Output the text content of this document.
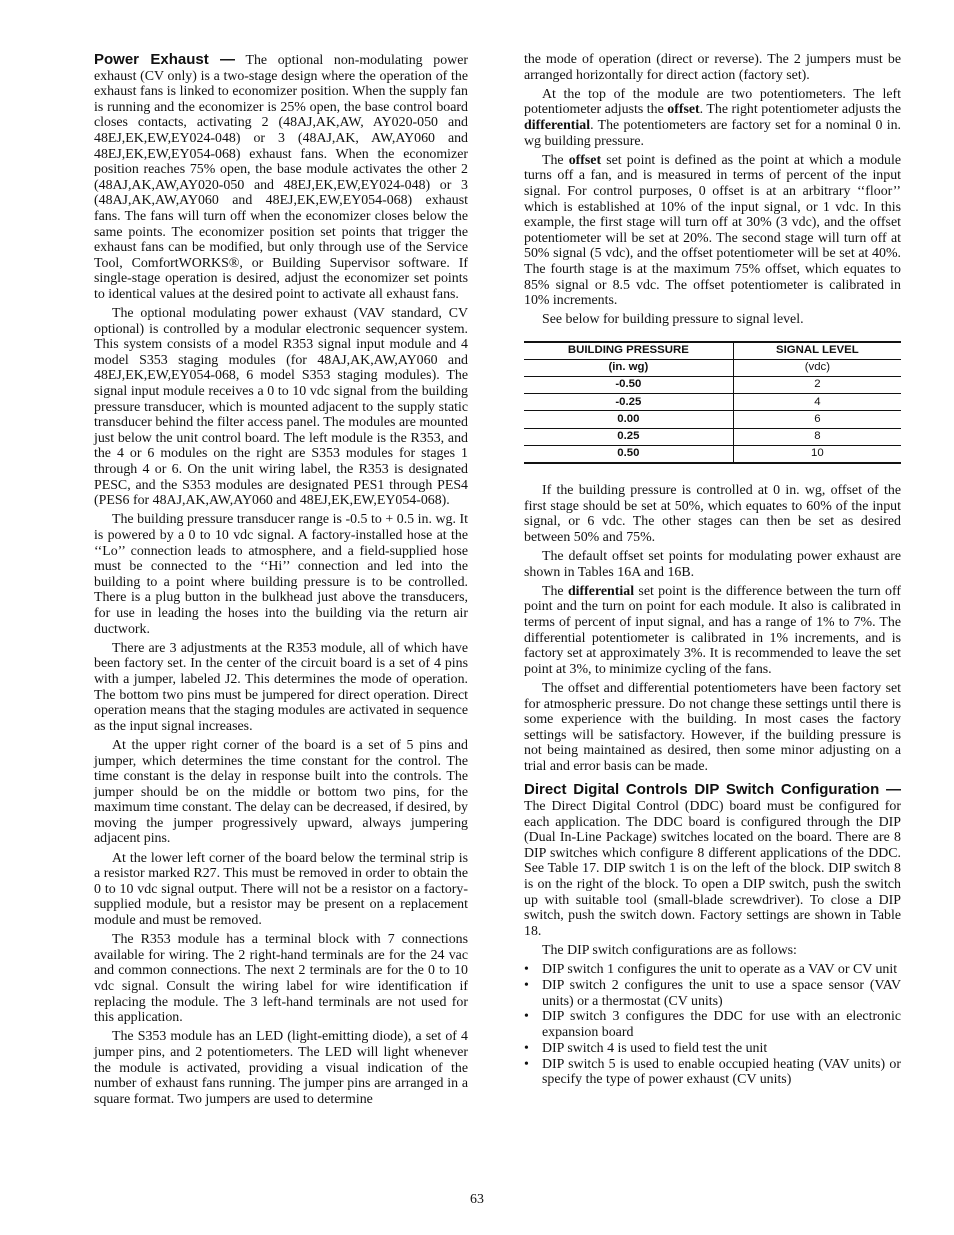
Power Exhaust — The optional non-modulating power exhaust (CV only) is a two-stage design where the operation of the exhaust fans is linked to economizer position. When the supply fan is running and the economizer is 25% open, the base control board closes contacts, activating 2 (48AJ,AK,AW, AY020-050 and 48EJ,EK,EW,EY024-048) or 3 (48AJ,AK, AW,AY060 and 48EJ,EK,EW,EY054-068) exhaust fans. When the economizer position reaches 75% open, the base module activates the other 2 (48AJ,AK,AW,AY020-050 and 48EJ,EK,EW,EY024-048) or 3 (48AJ,AK,AW,AY060 and 48EJ,EK,EW,EY054-068) exhaust fans. The fans will turn off when the economizer closes below the same points. The economizer position set points that trigger the exhaust fans can be modified, but only through use of the Service Tool, ComfortWORKS®, or Building Supervisor software. If single-stage operation is desired, adjust the economizer set points to identical values at the desired point to activate all exhaust fans.

The optional modulating power exhaust (VAV standard, CV optional) is controlled by a modular electronic sequencer system. This system consists of a model R353 signal input module and 4 model S353 staging modules (for 48AJ,AK,AW,AY060 and 48EJ,EK,EW,EY054-068, 6 model S353 staging modules). The signal input module receives a 0 to 10 vdc signal from the building pressure transducer, which is mounted adjacent to the supply static transducer behind the filter access panel. The modules are mounted just below the unit control board. The left module is the R353, and the 4 or 6 modules on the right are S353 modules for stages 1 through 4 or 6. On the unit wiring label, the R353 is designated PESC, and the S353 modules are designated PES1 through PES4 (PES6 for 48AJ,AK,AW,AY060 and 48EJ,EK,EW,EY054-068).

The building pressure transducer range is -0.5 to + 0.5 in. wg. It is powered by a 0 to 10 vdc signal. A factory-installed hose at the ‘‘Lo’’ connection leads to atmosphere, and a field-supplied hose must be connected to the ‘‘Hi’’ connection and led into the building to a point where building pressure is to be controlled. There is a plug button in the bulkhead just above the transducers, for use in leading the hoses into the building via the return air ductwork.

There are 3 adjustments at the R353 module, all of which have been factory set. In the center of the circuit board is a set of 4 pins with a jumper, labeled J2. This determines the mode of operation. The bottom two pins must be jumpered for direct operation. Direct operation means that the staging modules are activated in sequence as the input signal increases.

At the upper right corner of the board is a set of 5 pins and jumper, which determines the time constant for the control. The time constant is the delay in response built into the controls. The jumper should be on the middle or bottom two pins, for the maximum time constant. The delay can be decreased, if desired, by moving the jumper progressively upward, always jumpering adjacent pins.

At the lower left corner of the board below the terminal strip is a resistor marked R27. This must be removed in order to obtain the 0 to 10 vdc signal output. There will not be a resistor on a factory-supplied module, but a resistor may be present on a replacement module and must be removed.

The R353 module has a terminal block with 7 connections available for wiring. The 2 right-hand terminals are for the 24 vac and common connections. The next 2 terminals are for the 0 to 10 vdc signal. Consult the wiring label for wire identification if replacing the module. The 3 left-hand terminals are not used for this application.

The S353 module has an LED (light-emitting diode), a set of 4 jumper pins, and 2 potentiometers. The LED will light whenever the module is activated, providing a visual indication of the number of exhaust fans running. The jumper pins are arranged in a square format. Two jumpers are used to determine

the mode of operation (direct or reverse). The 2 jumpers must be arranged horizontally for direct action (factory set).

At the top of the module are two potentiometers. The left potentiometer adjusts the offset. The right potentiometer adjusts the differential. The potentiometers are factory set for a nominal 0 in. wg building pressure.

The offset set point is defined as the point at which a module turns off a fan, and is measured in terms of percent of the input signal. For control purposes, 0 offset is at an arbitrary ‘‘floor’’ which is established at 10% of the input signal, or 1 vdc. In this example, the first stage will turn off at 30% (3 vdc), and the offset potentiometer will be set at 20%. The second stage will turn off at 50% signal (5 vdc), and the offset potentiometer will be set at 40%. The fourth stage is at the maximum 75% offset, which equates to 85% signal or 8.5 vdc. The offset potentiometer is calibrated in 10% increments.

See below for building pressure to signal level.

BUILDING PRESSURE	SIGNAL LEVEL
(in. wg)	(vdc)
-0.50	2
-0.25	4
0.00	6
0.25	8
0.50	10

If the building pressure is controlled at 0 in. wg, offset of the first stage should be set at 50%, which equates to 60% of the input signal, or 6 vdc. The other stages can then be set as desired between 50% and 75%.

The default offset set points for modulating power exhaust are shown in Tables 16A and 16B.

The differential set point is the difference between the turn off point and the turn on point for each module. It also is calibrated in terms of percent of input signal, and has a range of 1% to 7%. The differential potentiometer is calibrated in 1% increments, and is factory set at approximately 3%. It is recommended to leave the set point at 3%, to minimize cycling of the fans.

The offset and differential potentiometers have been factory set for atmospheric pressure. Do not change these settings until there is some experience with the building. In most cases the factory settings will be satisfactory. However, if the building pressure is not being maintained as desired, then some minor adjusting on a trial and error basis can be made.

Direct Digital Controls DIP Switch Configuration — The Direct Digital Control (DDC) board must be configured for each application. The DDC board is configured through the DIP (Dual In-Line Package) switches located on the board. There are 8 DIP switches which configure 8 different applications of the DDC. See Table 17. DIP switch 1 is on the left of the block. DIP switch 8 is on the right of the block. To open a DIP switch, push the switch up with suitable tool (small-blade screwdriver). To close a DIP switch, push the switch down. Factory settings are shown in Table 18.

The DIP switch configurations are as follows:

• DIP switch 1 configures the unit to operate as a VAV or CV unit
• DIP switch 2 configures the unit to use a space sensor (VAV units) or a thermostat (CV units)
• DIP switch 3 configures the DDC for use with an electronic expansion board
• DIP switch 4 is used to field test the unit
• DIP switch 5 is used to enable occupied heating (VAV units) or specify the type of power exhaust (CV units)
63
